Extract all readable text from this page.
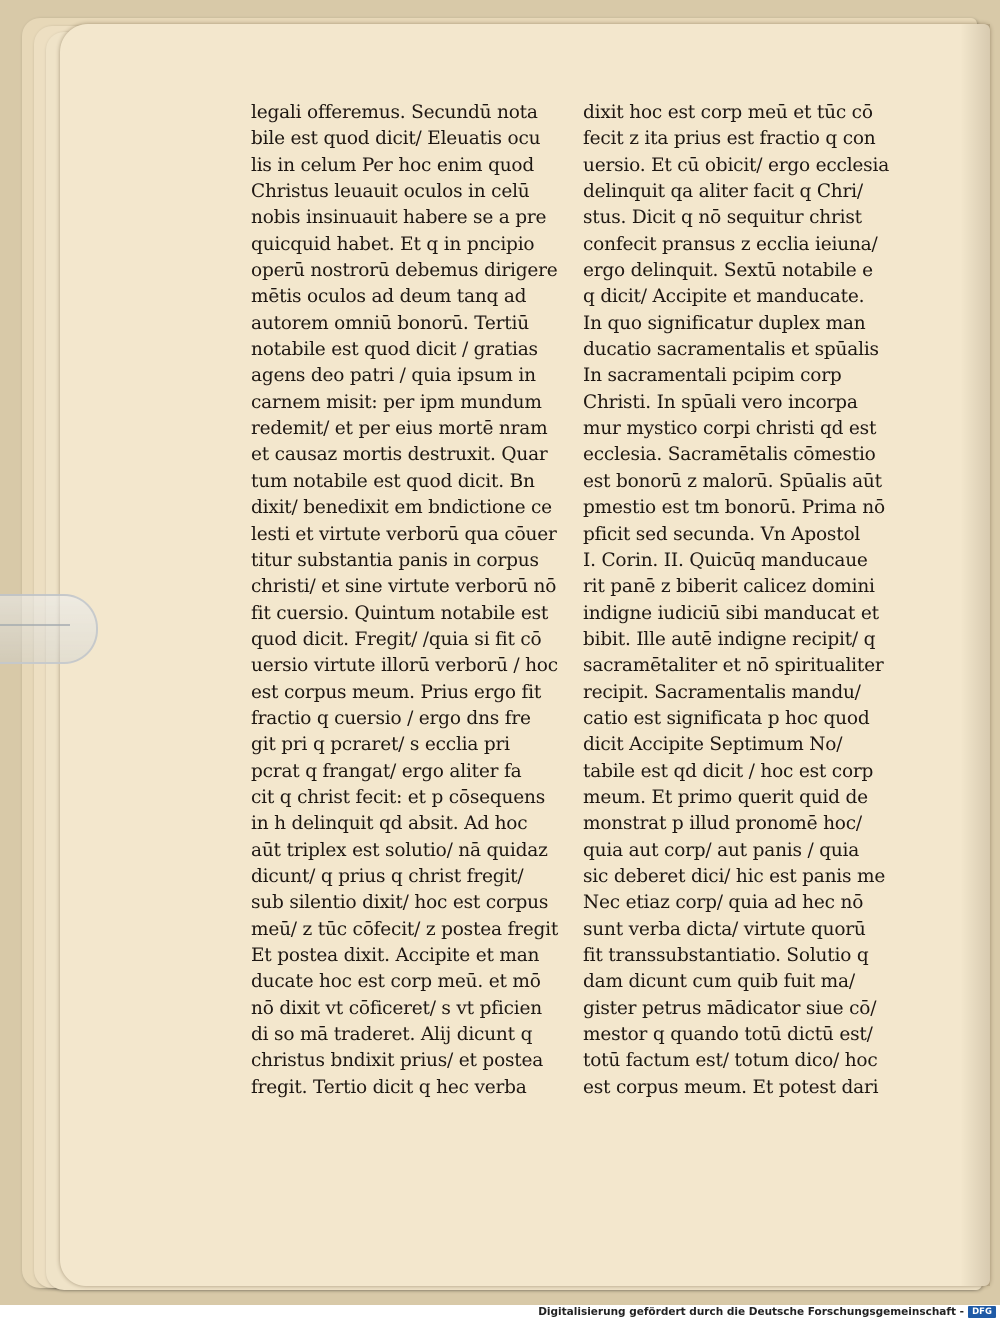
legali offeremus. Secundū nota
bile est quod dicit/ Eleuatis ocu
lis in celum Per hoc enim quod
Christus leuauit oculos in celū
nobis insinuauit habere se a pre
quicquid habet. Et q in pncipio
operū nostrorū debemus dirigere
mētis oculos ad deum tanq ad
autorem omniū bonorū. Tertiū
notabile est quod dicit / gratias
agens deo patri / quia ipsum in
carnem misit: per ipm mundum
redemit/ et per eius mortē nram
et causaz mortis destruxit. Quar
tum notabile est quod dicit. Bn
dixit/ benedixit em bndictione ce
lesti et virtute verborū qua cōuer
titur substantia panis in corpus
christi/ et sine virtute verborū nō
fit cuersio. Quintum notabile est
quod dicit. Fregit/ /quia si fit cō
uersio virtute illorū verborū / hoc
est corpus meum. Prius ergo fit
fractio q cuersio / ergo dns fre
git pri q pcraret/ s ecclia pri
pcrat q frangat/ ergo aliter fa
cit q christ fecit: et p cōsequens
in h delinquit qd absit. Ad hoc
aūt triplex est solutio/ nā quidaz
dicunt/ q prius q christ fregit/
sub silentio dixit/ hoc est corpus
meū/ z tūc cōfecit/ z postea fregit
Et postea dixit. Accipite et man
ducate hoc est corp meū. et mō
nō dixit vt cōficeret/ s vt pficien
di so mā traderet. Alij dicunt q
christus bndixit prius/ et postea
fregit. Tertio dicit q hec verba
dixit hoc est corp meū et tūc cō
fecit z ita prius est fractio q con
uersio. Et cū obicit/ ergo ecclesia
delinquit qa aliter facit q Chri/
stus. Dicit q nō sequitur christ
confecit pransus z ecclia ieiuna/
ergo delinquit. Sextū notabile e
q dicit/ Accipite et manducate.
In quo significatur duplex man
ducatio sacramentalis et spūalis
In sacramentali pcipim corp
Christi. In spūali vero incorpa
mur mystico corpi christi qd est
ecclesia. Sacramētalis cōmestio
est bonorū z malorū. Spūalis aūt
pmestio est tm bonorū. Prima nō
pficit sed secunda. Vn Apostol
I. Corin. II. Quicūq manducaue
rit panē z biberit calicez domini
indigne iudiciū sibi manducat et
bibit. Ille autē indigne recipit/ q
sacramētaliter et nō spiritualiter
recipit. Sacramentalis mandu/
catio est significata p hoc quod
dicit Accipite Septimum No/
tabile est qd dicit / hoc est corp
meum. Et primo querit quid de
monstrat p illud pronomē hoc/
quia aut corp/ aut panis / quia
sic deberet dici/ hic est panis me
Nec etiaz corp/ quia ad hec nō
sunt verba dicta/ virtute quorū
fit transsubstantiatio. Solutio q
dam dicunt cum quib fuit ma/
gister petrus mādicator siue cō/
mestor q quando totū dictū est/
totū factum est/ totum dico/ hoc
est corpus meum. Et potest dari
Digitalisierung gefördert durch die Deutsche Forschungsgemeinschaft - DFG
